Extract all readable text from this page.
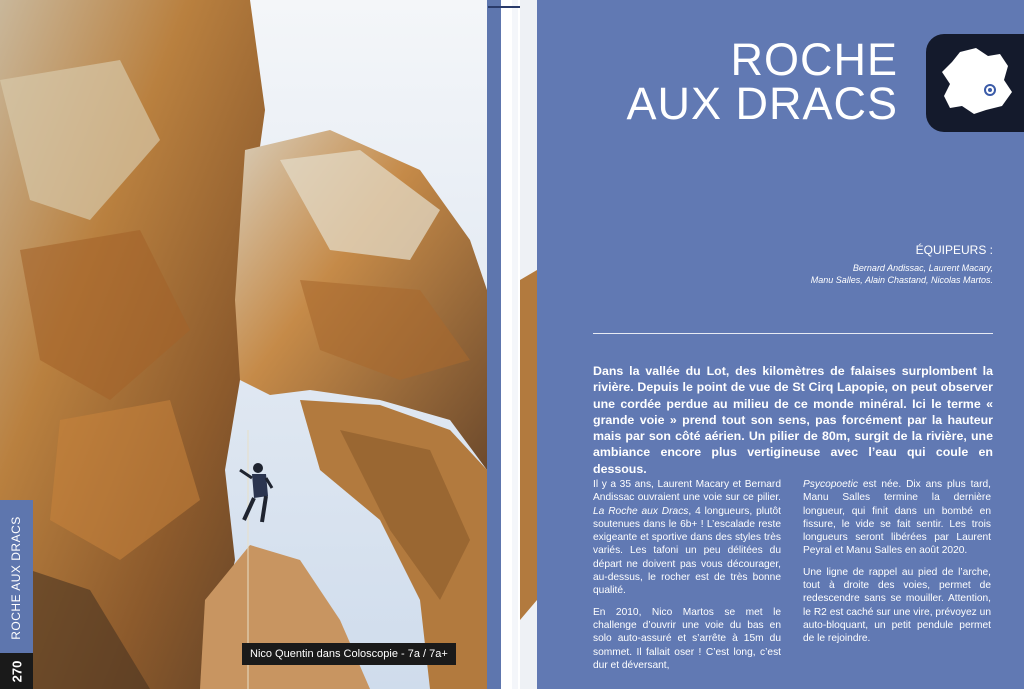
Nico Quentin dans Coloscopie - 7a / 7a+
ROCHE AUX DRACS
270
ROCHE
AUX DRACS
ÉQUIPEURS :
Bernard Andissac, Laurent Macary,
Manu Salles, Alain Chastand, Nicolas Martos.
Dans la vallée du Lot, des kilomètres de falaises surplombent la rivière. Depuis le point de vue de St Cirq Lapopie, on peut observer une cordée perdue au milieu de ce monde minéral. Ici le terme « grande voie » prend tout son sens, pas forcément par la hauteur mais par son côté aérien. Un pilier de 80m, surgit de la rivière, une ambiance encore plus vertigineuse avec l’eau qui coule en dessous.

Il y a 35 ans, Laurent Macary et Bernard Andissac ouvraient une voie sur ce pilier. La Roche aux Dracs, 4 longueurs, plutôt soutenues dans le 6b+ ! L’escalade reste exigeante et sportive dans des styles très variés. Les tafoni un peu délitées du départ ne doivent pas vous décourager, au-dessus, le rocher est de très bonne qualité.

En 2010, Nico Martos se met le challenge d’ouvrir une voie du bas en solo auto-assuré et s’arrête à 15m du sommet. Il fallait oser ! C’est long, c’est dur et déversant,

Psycopoetic est née. Dix ans plus tard, Manu Salles termine la dernière longueur, qui finit dans un bombé en fissure, le vide se fait sentir. Les trois longueurs seront libérées par Laurent Peyral et Manu Salles en août 2020.

Une ligne de rappel au pied de l’arche, tout à droite des voies, permet de redescendre sans se mouiller. Attention, le R2 est caché sur une vire, prévoyez un auto-bloquant, un petit pendule permet de le rejoindre.
